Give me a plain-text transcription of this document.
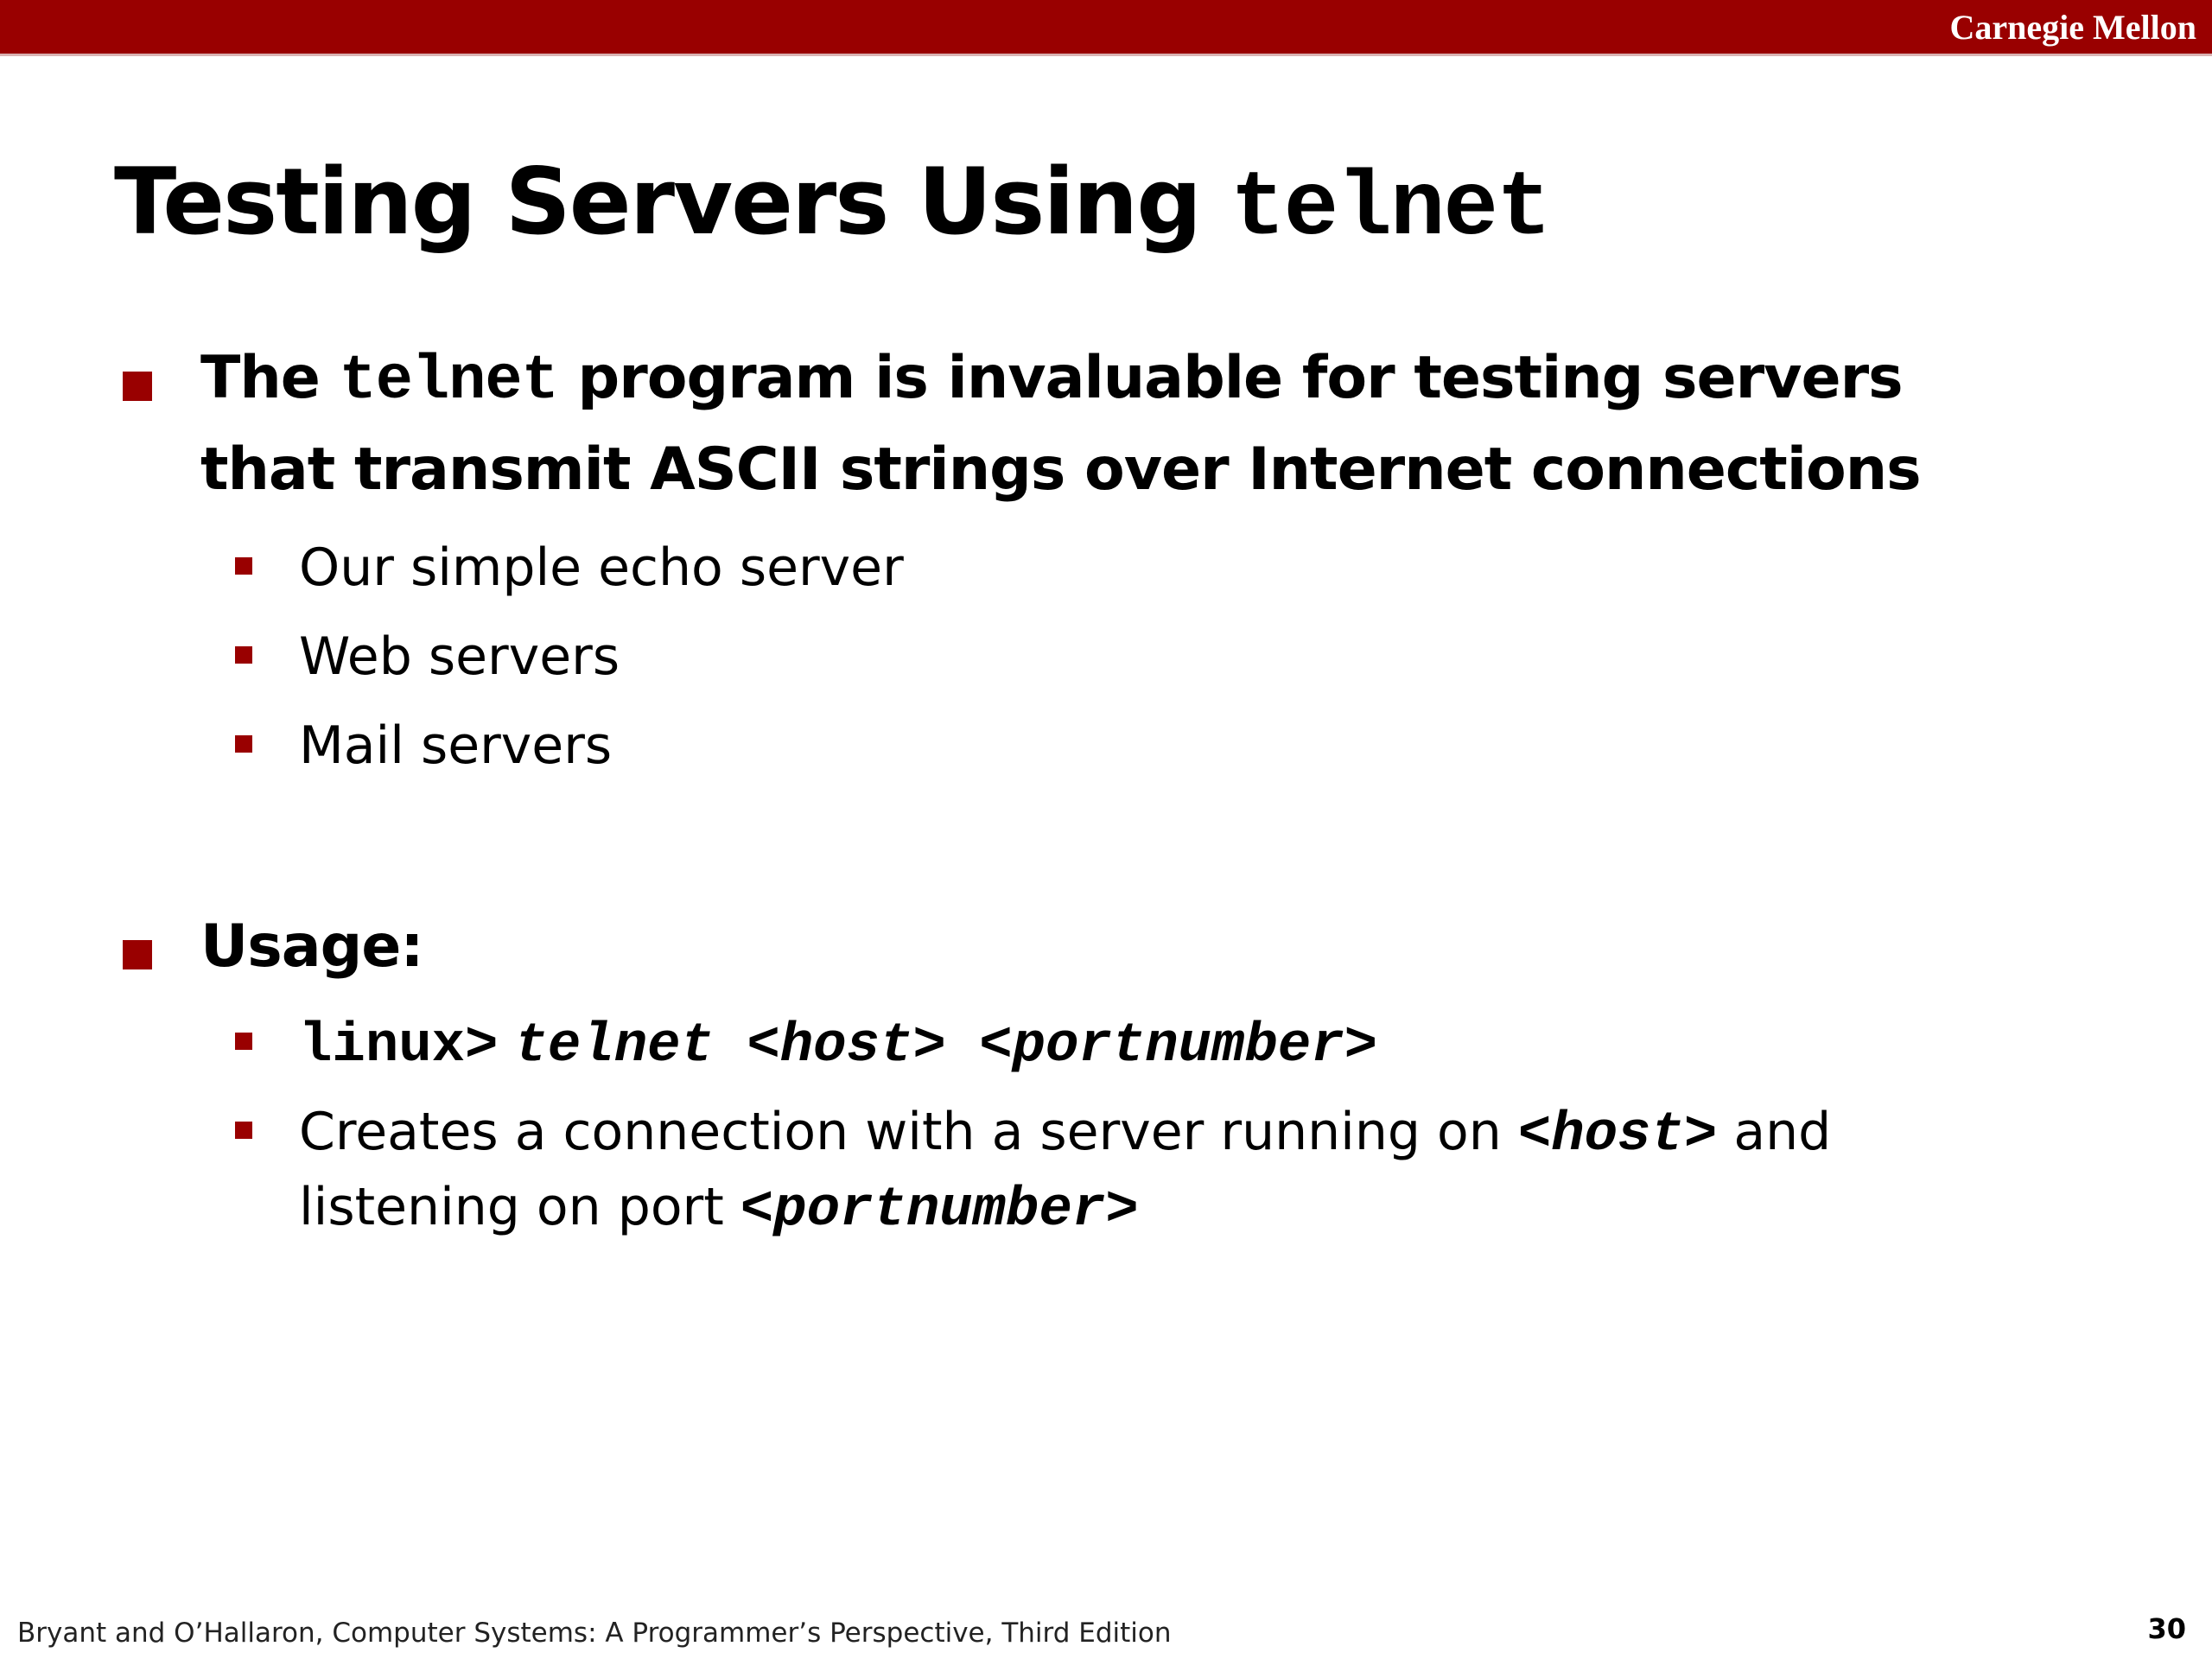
Carnegie Mellon
Testing Servers Using telnet
The telnet program is invaluable for testing servers
that transmit ASCII strings over Internet connections
Our simple echo server
Web servers
Mail servers
Usage:
linux> telnet <host> <portnumber>
Creates a connection with a server running on <host> and
listening on port <portnumber>
Bryant and O’Hallaron, Computer Systems: A Programmer’s Perspective, Third Edition	30
